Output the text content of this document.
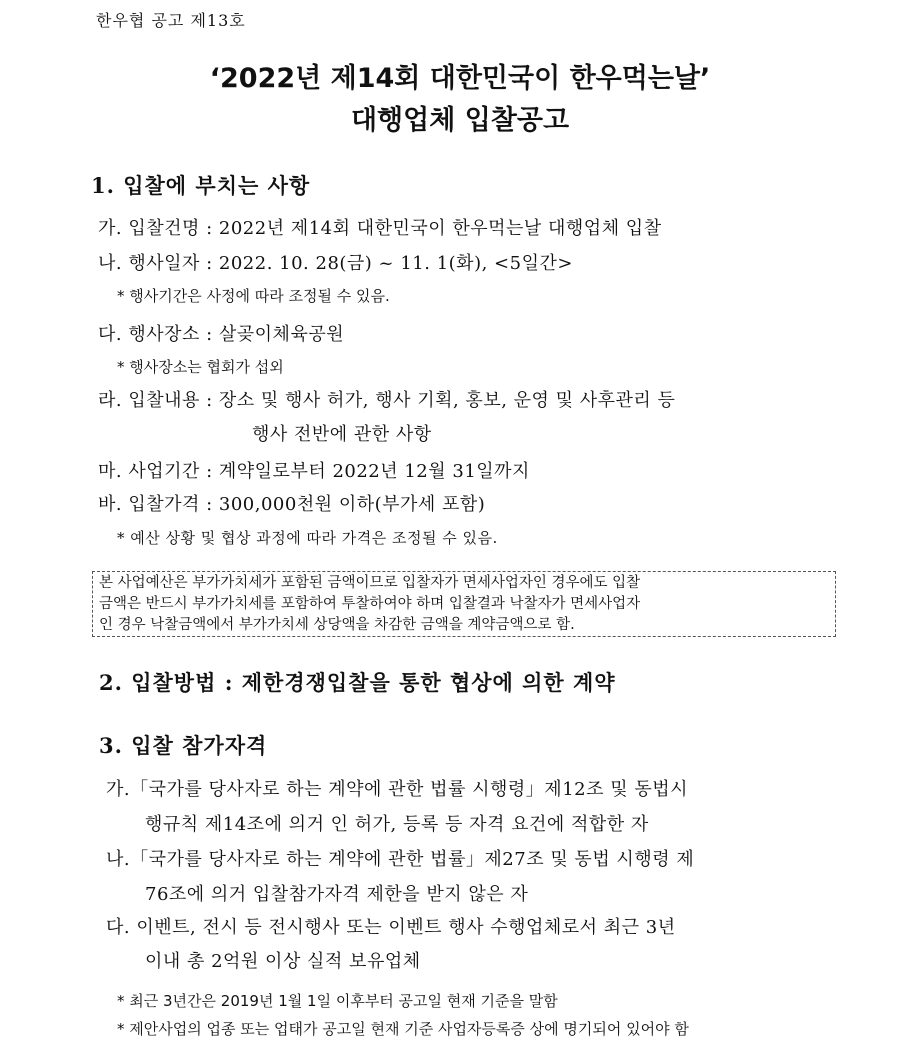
한우협 공고 제13호
‘2022년 제14회 대한민국이 한우먹는날’
대행업체 입찰공고
1. 입찰에 부치는 사항
가. 입찰건명 : 2022년 제14회 대한민국이 한우먹는날 대행업체 입찰
나. 행사일자 : 2022. 10. 28(금) ~ 11. 1(화), <5일간>
* 행사기간은 사정에 따라 조정될 수 있음.
다. 행사장소 : 살곶이체육공원
* 행사장소는 협회가 섭외
라. 입찰내용 : 장소 및 행사 허가, 행사 기획, 홍보, 운영 및 사후관리 등
행사 전반에 관한 사항
마. 사업기간 : 계약일로부터 2022년 12월 31일까지
바. 입찰가격 : 300,000천원 이하(부가세 포함)
* 예산 상황 및 협상 과정에 따라 가격은 조정될 수 있음.
본 사업예산은 부가가치세가 포함된 금액이므로 입찰자가 면세사업자인 경우에도 입찰
금액은 반드시 부가가치세를 포함하여 투찰하여야 하며 입찰결과 낙찰자가 면세사업자
인 경우 낙찰금액에서 부가가치세 상당액을 차감한 금액을 계약금액으로 함.
2. 입찰방법 : 제한경쟁입찰을 통한 협상에 의한 계약
3. 입찰 참가자격
가.「국가를 당사자로 하는 계약에 관한 법률 시행령」제12조 및 동법시
행규칙 제14조에 의거 인 허가, 등록 등 자격 요건에 적합한 자
나.「국가를 당사자로 하는 계약에 관한 법률」제27조 및 동법 시행령 제
76조에 의거 입찰참가자격 제한을 받지 않은 자
다. 이벤트, 전시 등 전시행사 또는 이벤트 행사 수행업체로서 최근 3년
이내 총 2억원 이상 실적 보유업체
* 최근 3년간은 2019년 1월 1일 이후부터 공고일 현재 기준을 말함
* 제안사업의 업종 또는 업태가 공고일 현재 기준 사업자등록증 상에 명기되어 있어야 함
